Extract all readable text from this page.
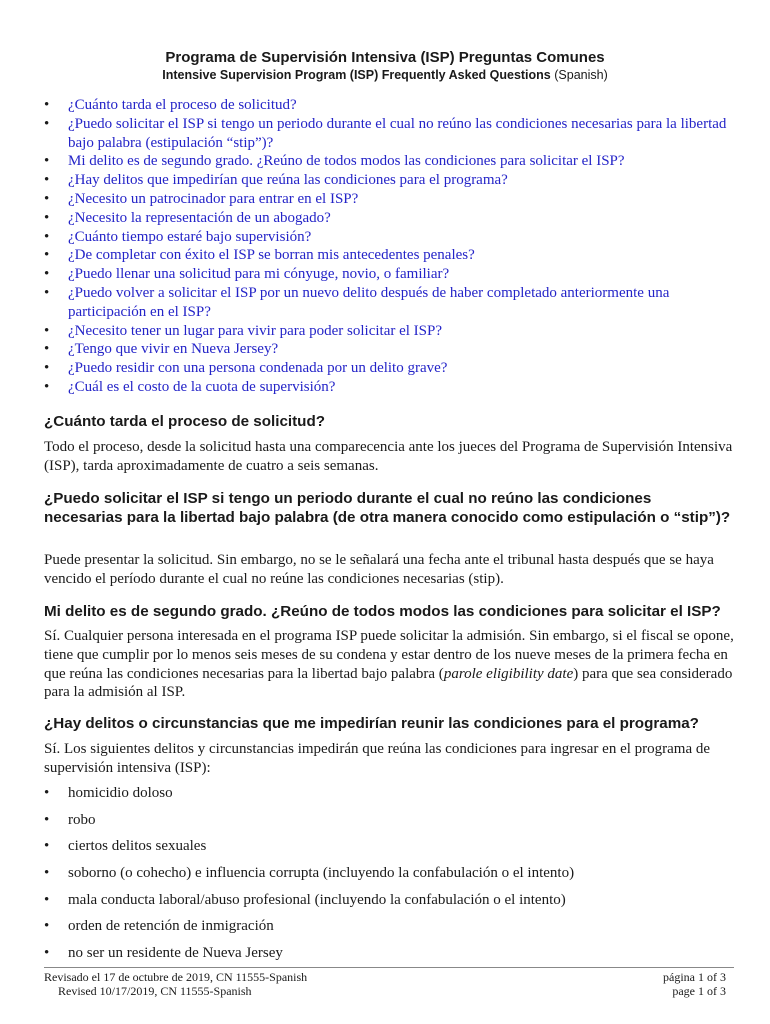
Programa de Supervisión Intensiva (ISP) Preguntas Comunes
Intensive Supervision Program (ISP) Frequently Asked Questions (Spanish)
• ¿Cuánto tarda el proceso de solicitud?
• ¿Puedo solicitar el ISP si tengo un periodo durante el cual no reúno las condiciones necesarias para la libertad bajo palabra (estipulación “stip”)?
• Mi delito es de segundo grado. ¿Reúno de todos modos las condiciones para solicitar el ISP?
• ¿Hay delitos que impedirían que reúna las condiciones para el programa?
• ¿Necesito un patrocinador para entrar en el ISP?
• ¿Necesito la representación de un abogado?
• ¿Cuánto tiempo estaré bajo supervisión?
• ¿De completar con éxito el ISP se borran mis antecedentes penales?
• ¿Puedo llenar una solicitud para mi cónyuge, novio, o familiar?
• ¿Puedo volver a solicitar el ISP por un nuevo delito después de haber completado anteriormente una participación en el ISP?
• ¿Necesito tener un lugar para vivir para poder solicitar el ISP?
• ¿Tengo que vivir en Nueva Jersey?
• ¿Puedo residir con una persona condenada por un delito grave?
• ¿Cuál es el costo de la cuota de supervisión?
¿Cuánto tarda el proceso de solicitud?
Todo el proceso, desde la solicitud hasta una comparecencia ante los jueces del Programa de Supervisión Intensiva (ISP), tarda aproximadamente de cuatro a seis semanas.
¿Puedo solicitar el ISP si tengo un periodo durante el cual no reúno las condiciones necesarias para la libertad bajo palabra (de otra manera conocido como estipulación o “stip”)?
Puede presentar la solicitud. Sin embargo, no se le señalará una fecha ante el tribunal hasta después que se haya vencido el período durante el cual no reúne las condiciones necesarias (stip).
Mi delito es de segundo grado. ¿Reúno de todos modos las condiciones para solicitar el ISP?
Sí. Cualquier persona interesada en el programa ISP puede solicitar la admisión. Sin embargo, si el fiscal se opone, tiene que cumplir por lo menos seis meses de su condena y estar dentro de los nueve meses de la primera fecha en que reúna las condiciones necesarias para la libertad bajo palabra (parole eligibility date) para que sea considerado para la admisión al ISP.
¿Hay delitos o circunstancias que me impedirían reunir las condiciones para el programa?
Sí. Los siguientes delitos y circunstancias impedirán que reúna las condiciones para ingresar en el programa de supervisión intensiva (ISP):
• homicidio doloso
• robo
• ciertos delitos sexuales
• soborno (o cohecho) e influencia corrupta (incluyendo la confabulación o el intento)
• mala conducta laboral/abuso profesional (incluyendo la confabulación o el intento)
• orden de retención de inmigración
• no ser un residente de Nueva Jersey
Revisado el 17 de octubre de 2019, CN 11555-Spanish
Revised 10/17/2019, CN 11555-Spanish
página 1 of 3
page 1 of 3
